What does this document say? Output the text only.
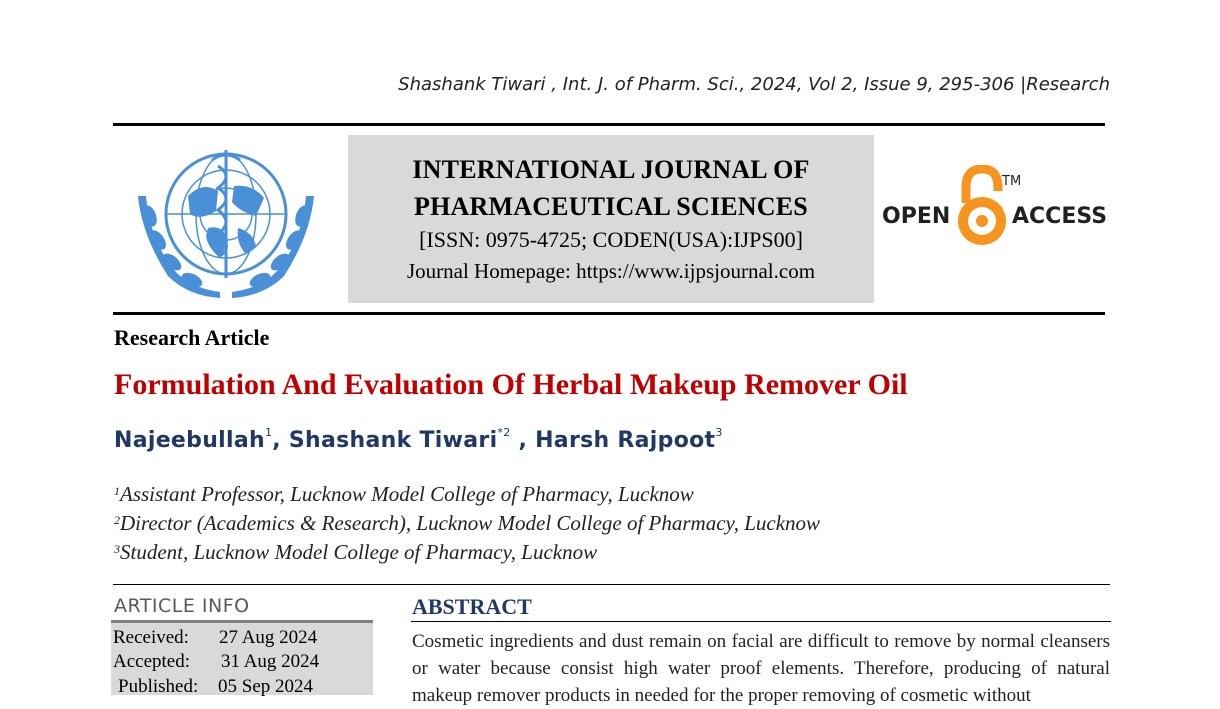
Shashank Tiwari , Int. J. of Pharm. Sci., 2024, Vol 2, Issue 9, 295-306 |Research
INTERNATIONAL JOURNAL OF
PHARMACEUTICAL SCIENCES
[ISSN: 0975-4725; CODEN(USA):IJPS00]
Journal Homepage: https://www.ijpsjournal.com
OPEN	ACCESS
TM
Research Article
Formulation And Evaluation Of Herbal Makeup Remover Oil
Najeebullah$^1$, Shashank Tiwari$^{*2}$ , Harsh Rajpoot$^3$
$^1$Assistant Professor, Lucknow Model College of Pharmacy, Lucknow
$^2$Director (Academics & Research), Lucknow Model College of Pharmacy, Lucknow
$^3$Student, Lucknow Model College of Pharmacy, Lucknow
ARTICLE INFO
Received: 27 Aug 2024
Accepted: 31 Aug 2024
Published: 05 Sep 2024
ABSTRACT
Cosmetic ingredients and dust remain on facial are difficult to remove by normal cleansers or water because consist high water proof elements. Therefore, producing of natural makeup remover products in needed for the proper removing of cosmetic without
